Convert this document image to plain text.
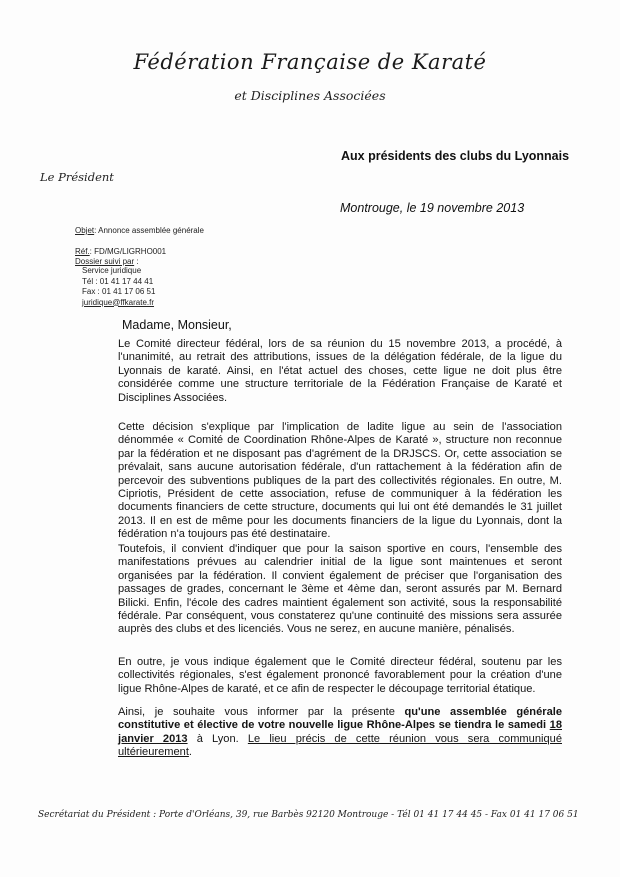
Fédération Française de Karaté
et Disciplines Associées
Le Président
Aux présidents des clubs du Lyonnais
Montrouge, le 19 novembre 2013
Objet: Annonce assemblée générale
Réf.: FD/MG/LIGRHO001
Dossier suivi par :
Service juridique
Tél : 01 41 17 44 41
Fax : 01 41 17 06 51
juridique@ffkarate.fr
Madame, Monsieur,
Le Comité directeur fédéral, lors de sa réunion du 15 novembre 2013, a procédé, à l'unanimité, au retrait des attributions, issues de la délégation fédérale, de la ligue du Lyonnais de karaté. Ainsi, en l'état actuel des choses, cette ligue ne doit plus être considérée comme une structure territoriale de la Fédération Française de Karaté et Disciplines Associées.
Cette décision s'explique par l'implication de ladite ligue au sein de l'association dénommée « Comité de Coordination Rhône-Alpes de Karaté », structure non reconnue par la fédération et ne disposant pas d'agrément de la DRJSCS. Or, cette association se prévalait, sans aucune autorisation fédérale, d'un rattachement à la fédération afin de percevoir des subventions publiques de la part des collectivités régionales. En outre, M. Cipriotis, Président de cette association, refuse de communiquer à la fédération les documents financiers de cette structure, documents qui lui ont été demandés le 31 juillet 2013. Il en est de même pour les documents financiers de la ligue du Lyonnais, dont la fédération n'a toujours pas été destinataire.
Toutefois, il convient d'indiquer que pour la saison sportive en cours, l'ensemble des manifestations prévues au calendrier initial de la ligue sont maintenues et seront organisées par la fédération. Il convient également de préciser que l'organisation des passages de grades, concernant le 3ème et 4ème dan, seront assurés par M. Bernard Bilicki. Enfin, l'école des cadres maintient également son activité, sous la responsabilité fédérale. Par conséquent, vous constaterez qu'une continuité des missions sera assurée auprès des clubs et des licenciés. Vous ne serez, en aucune manière, pénalisés.
En outre, je vous indique également que le Comité directeur fédéral, soutenu par les collectivités régionales, s'est également prononcé favorablement pour la création d'une ligue Rhône-Alpes de karaté, et ce afin de respecter le découpage territorial étatique.
Ainsi, je souhaite vous informer par la présente qu'une assemblée générale constitutive et élective de votre nouvelle ligue Rhône-Alpes se tiendra le samedi 18 janvier 2013 à Lyon. Le lieu précis de cette réunion vous sera communiqué ultérieurement.
Secrétariat du Président : Porte d'Orléans, 39, rue Barbès 92120 Montrouge - Tél 01 41 17 44 45 - Fax 01 41 17 06 51
